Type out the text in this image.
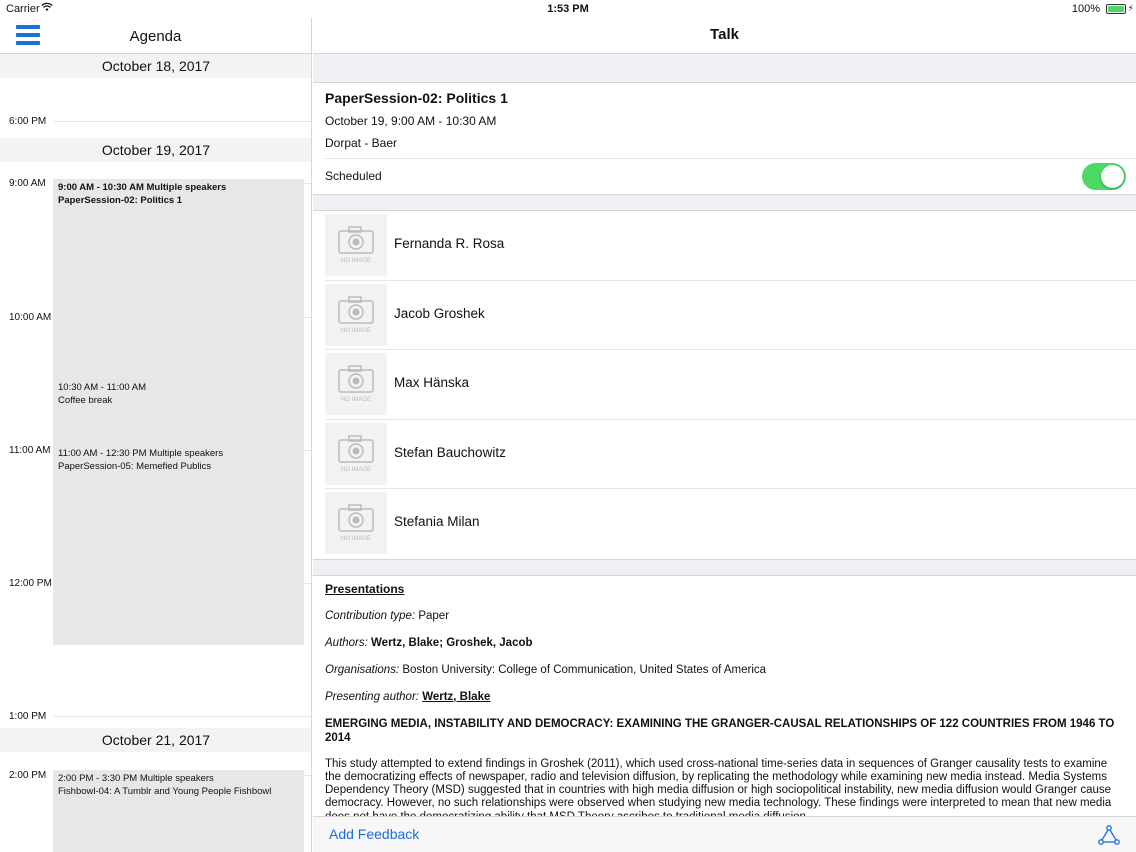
Carrier	1:53 PM	100%	⚡
Agenda
October 18, 2017
6:00 PM
October 19, 2017
9:00 AM
10:00 AM
11:00 AM
12:00 PM
1:00 PM
October 21, 2017
2:00 PM
9:00 AM - 10:30 AM Multiple speakers
PaperSession-02: Politics 1
10:30 AM - 11:00 AM
Coffee break
11:00 AM - 12:30 PM Multiple speakers
PaperSession-05: Memefied Publics
2:00 PM - 3:30 PM Multiple speakers
Fishbowl-04: A Tumblr and Young People Fishbowl
Talk
PaperSession-02: Politics 1
October 19, 9:00 AM - 10:30 AM
Dorpat - Baer
Scheduled
NO IMAGE
Fernanda R. Rosa
NO IMAGE
Jacob Groshek
NO IMAGE
Max Hänska
NO IMAGE
Stefan Bauchowitz
NO IMAGE
Stefania Milan
Presentations

Contribution type: Paper

Authors: Wertz, Blake; Groshek, Jacob

Organisations: Boston University: College of Communication, United States of America

Presenting author: Wertz, Blake

EMERGING MEDIA, INSTABILITY AND DEMOCRACY: EXAMINING THE GRANGER-CAUSAL RELATIONSHIPS OF 122 COUNTRIES FROM 1946 TO 2014

This study attempted to extend findings in Groshek (2011), which used cross-national time-series data in sequences of Granger causality tests to examine the democratizing effects of newspaper, radio and television diffusion, by replicating the methodology while examining new media instead. Media Systems Dependency Theory (MSD) suggested that in countries with high media diffusion or high sociopolitical instability, new media diffusion would Granger cause democracy. However, no such relationships were observed when studying new media technology. These findings were interpreted to mean that new media

Add Feedback
